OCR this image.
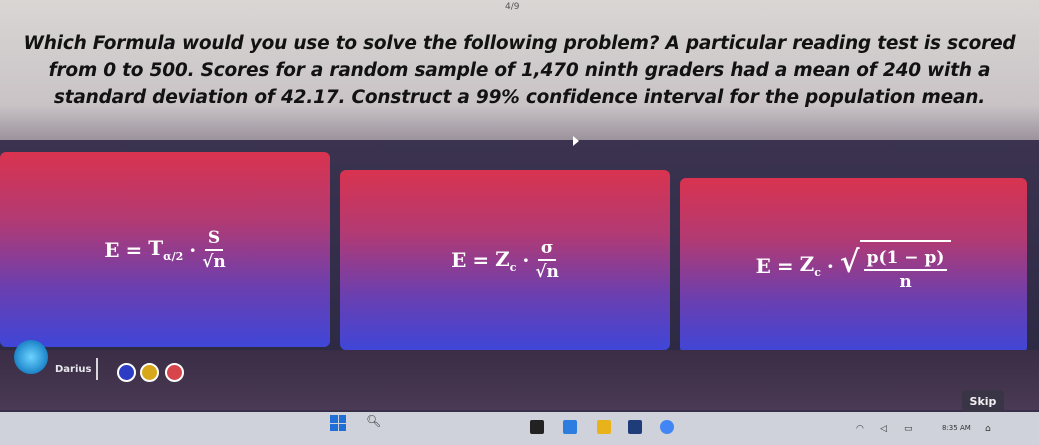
4/9
Which Formula would you use to solve the following problem? A particular reading test is scored from 0 to 500. Scores for a random sample of 1,470 ninth graders had a mean of 240 with a standard deviation of 42.17. Construct a 99% confidence interval for the population mean.
$E = T_{\alpha/2} \cdot \frac{S}{√n}$	$E = Z_c \cdot \frac{\sigma}{√n}$	$E = Z_c$ · √ $\frac{p(1 - p)}{n}$
Darius
Skip
🔍︎
◠ ◁ ▭	8:35 AM ⌂
